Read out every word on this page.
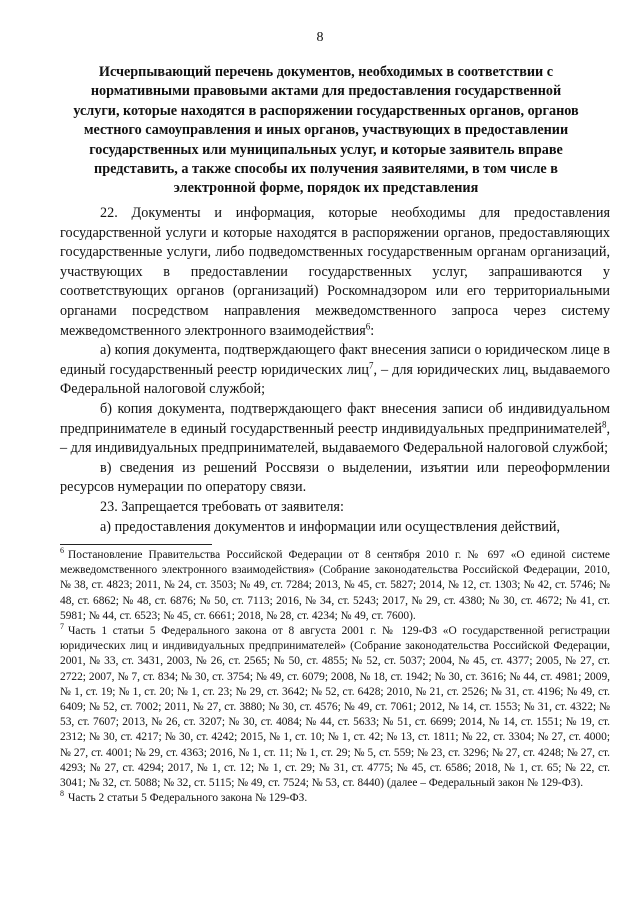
8
Исчерпывающий перечень документов, необходимых в соответствии с нормативными правовыми актами для предоставления государственной услуги, которые находятся в распоряжении государственных органов, органов местного самоуправления и иных органов, участвующих в предоставлении государственных или муниципальных услуг, и которые заявитель вправе представить, а также способы их получения заявителями, в том числе в электронной форме, порядок их представления

22. Документы и информация, которые необходимы для предоставления государственной услуги и которые находятся в распоряжении органов, предоставляющих государственные услуги, либо подведомственных государственным органам организаций, участвующих в предоставлении государственных услуг, запрашиваются у соответствующих органов (организаций) Роскомнадзором или его территориальными органами посредством направления межведомственного запроса через систему межведомственного электронного взаимодействия$^6$:

а) копия документа, подтверждающего факт внесения записи о юридическом лице в единый государственный реестр юридических лиц$^7$, – для юридических лиц, выдаваемого Федеральной налоговой службой;

б) копия документа, подтверждающего факт внесения записи об индивидуальном предпринимателе в единый государственный реестр индивидуальных предпринимателей$^8$, – для индивидуальных предпринимателей, выдаваемого Федеральной налоговой службой;

в) сведения из решений Россвязи о выделении, изъятии или переоформлении ресурсов нумерации по оператору связи.

23. Запрещается требовать от заявителя:

а) предоставления документов и информации или осуществления действий,

$^6$ Постановление Правительства Российской Федерации от 8 сентября 2010 г. № 697 «О единой системе межведомственного электронного взаимодействия» (Собрание законодательства Российской Федерации, 2010, № 38, ст. 4823; 2011, № 24, ст. 3503; № 49, ст. 7284; 2013, № 45, ст. 5827; 2014, № 12, ст. 1303; № 42, ст. 5746; № 48, ст. 6862; № 48, ст. 6876; № 50, ст. 7113; 2016, № 34, ст. 5243; 2017, № 29, ст. 4380; № 30, ст. 4672; № 41, ст. 5981; № 44, ст. 6523; № 45, ст. 6661; 2018, № 28, ст. 4234; № 49, ст. 7600).

$^7$ Часть 1 статьи 5 Федерального закона от 8 августа 2001 г. № 129-ФЗ «О государственной регистрации юридических лиц и индивидуальных предпринимателей» (Собрание законодательства Российской Федерации, 2001, № 33, ст. 3431, 2003, № 26, ст. 2565; № 50, ст. 4855; № 52, ст. 5037; 2004, № 45, ст. 4377; 2005, № 27, ст. 2722; 2007, № 7, ст. 834; № 30, ст. 3754; № 49, ст. 6079; 2008, № 18, ст. 1942; № 30, ст. 3616; № 44, ст. 4981; 2009, № 1, ст. 19; № 1, ст. 20; № 1, ст. 23; № 29, ст. 3642; № 52, ст. 6428; 2010, № 21, ст. 2526; № 31, ст. 4196; № 49, ст. 6409; № 52, ст. 7002; 2011, № 27, ст. 3880; № 30, ст. 4576; № 49, ст. 7061; 2012, № 14, ст. 1553; № 31, ст. 4322; № 53, ст. 7607; 2013, № 26, ст. 3207; № 30, ст. 4084; № 44, ст. 5633; № 51, ст. 6699; 2014, № 14, ст. 1551; № 19, ст. 2312; № 30, ст. 4217; № 30, ст. 4242; 2015, № 1, ст. 10; № 1, ст. 42; № 13, ст. 1811; № 22, ст. 3304; № 27, ст. 4000; № 27, ст. 4001; № 29, ст. 4363; 2016, № 1, ст. 11; № 1, ст. 29; № 5, ст. 559; № 23, ст. 3296; № 27, ст. 4248; № 27, ст. 4293; № 27, ст. 4294; 2017, № 1, ст. 12; № 1, ст. 29; № 31, ст. 4775; № 45, ст. 6586; 2018, № 1, ст. 65; № 22, ст. 3041; № 32, ст. 5088; № 32, ст. 5115; № 49, ст. 7524; № 53, ст. 8440) (далее – Федеральный закон № 129-ФЗ).

$^8$ Часть 2 статьи 5 Федерального закона № 129-ФЗ.
